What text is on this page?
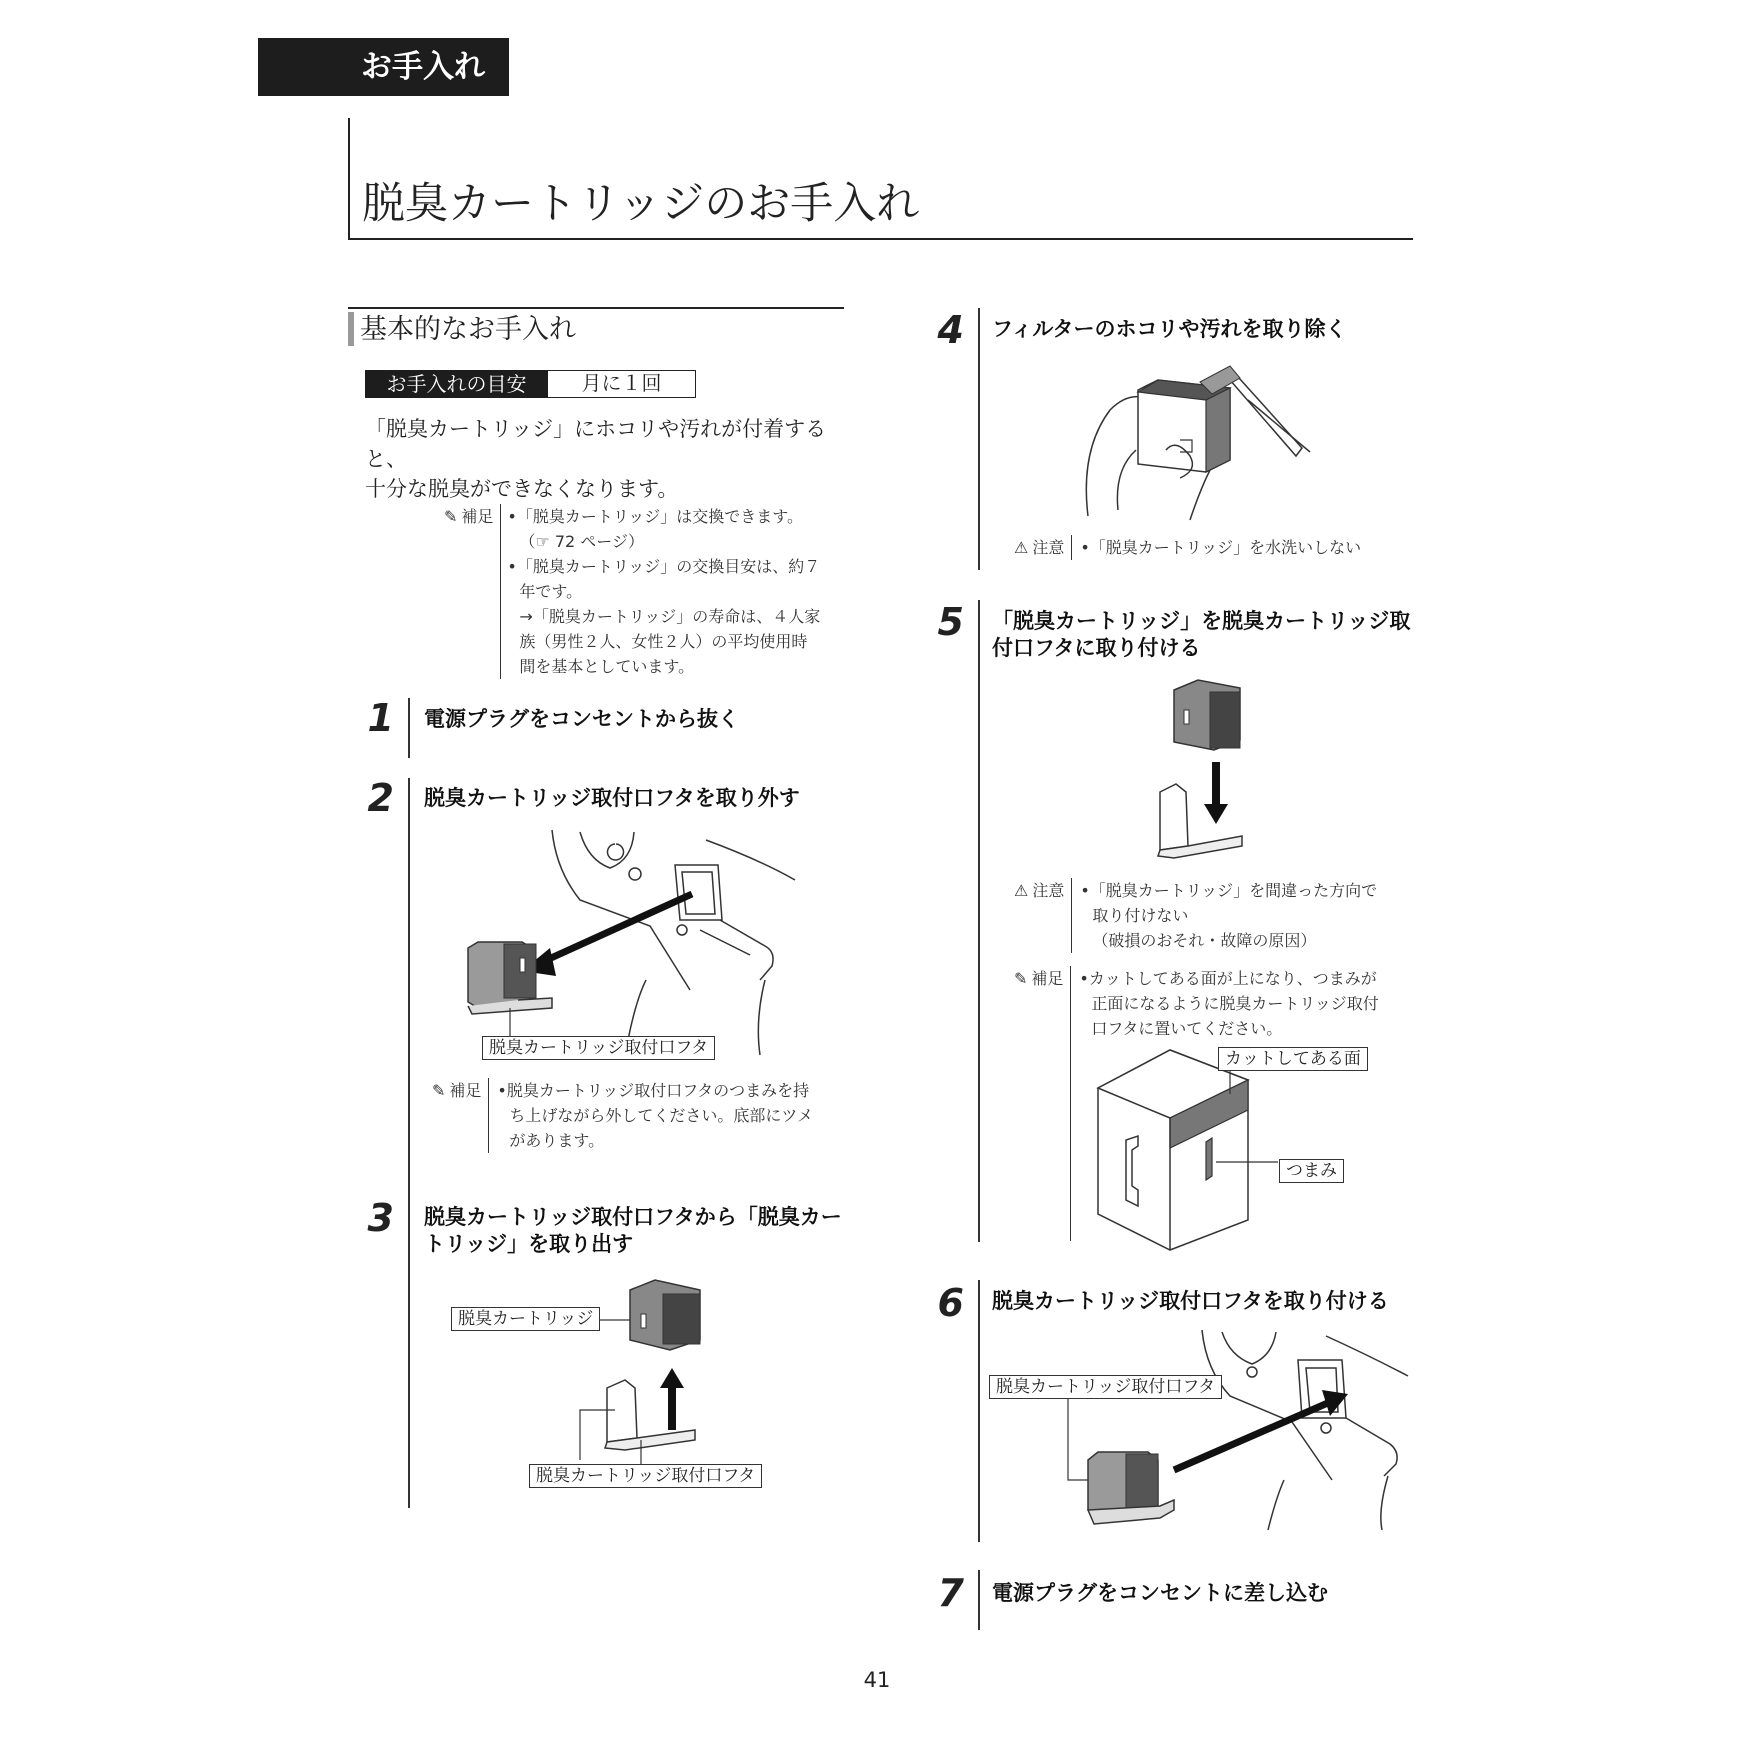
お手入れ
脱臭カートリッジのお手入れ
基本的なお手入れ
お手入れの目安	月に１回
「脱臭カートリッジ」にホコリや汚れが付着すると、
十分な脱臭ができなくなります。
✎ 補足 •「脱臭カートリッジ」は交換できます。

（☞ 72 ページ）

•「脱臭カートリッジ」の交換目安は、約７

年です。

→「脱臭カートリッジ」の寿命は、４人家

族（男性２人、女性２人）の平均使用時

間を基本としています。

1 電源プラグをコンセントから抜く
2 脱臭カートリッジ取付口フタを取り外す
脱臭カートリッジ取付口フタ
✎ 補足 •脱臭カートリッジ取付口フタのつまみを持

ち上げながら外してください。底部にツメ

があります。

3 脱臭カートリッジ取付口フタから「脱臭カー
トリッジ」を取り出す
脱臭カートリッジ
脱臭カートリッジ取付口フタ
4 フィルターのホコリや汚れを取り除く
⚠ 注意 •「脱臭カートリッジ」を水洗いしない

5 「脱臭カートリッジ」を脱臭カートリッジ取
付口フタに取り付ける
⚠ 注意 •「脱臭カートリッジ」を間違った方向で

取り付けない

（破損のおそれ・故障の原因）

✎ 補足 •カットしてある面が上になり、つまみが

正面になるように脱臭カートリッジ取付

口フタに置いてください。

カットしてある面
つまみ
6 脱臭カートリッジ取付口フタを取り付ける
脱臭カートリッジ取付口フタ
7 電源プラグをコンセントに差し込む
41
